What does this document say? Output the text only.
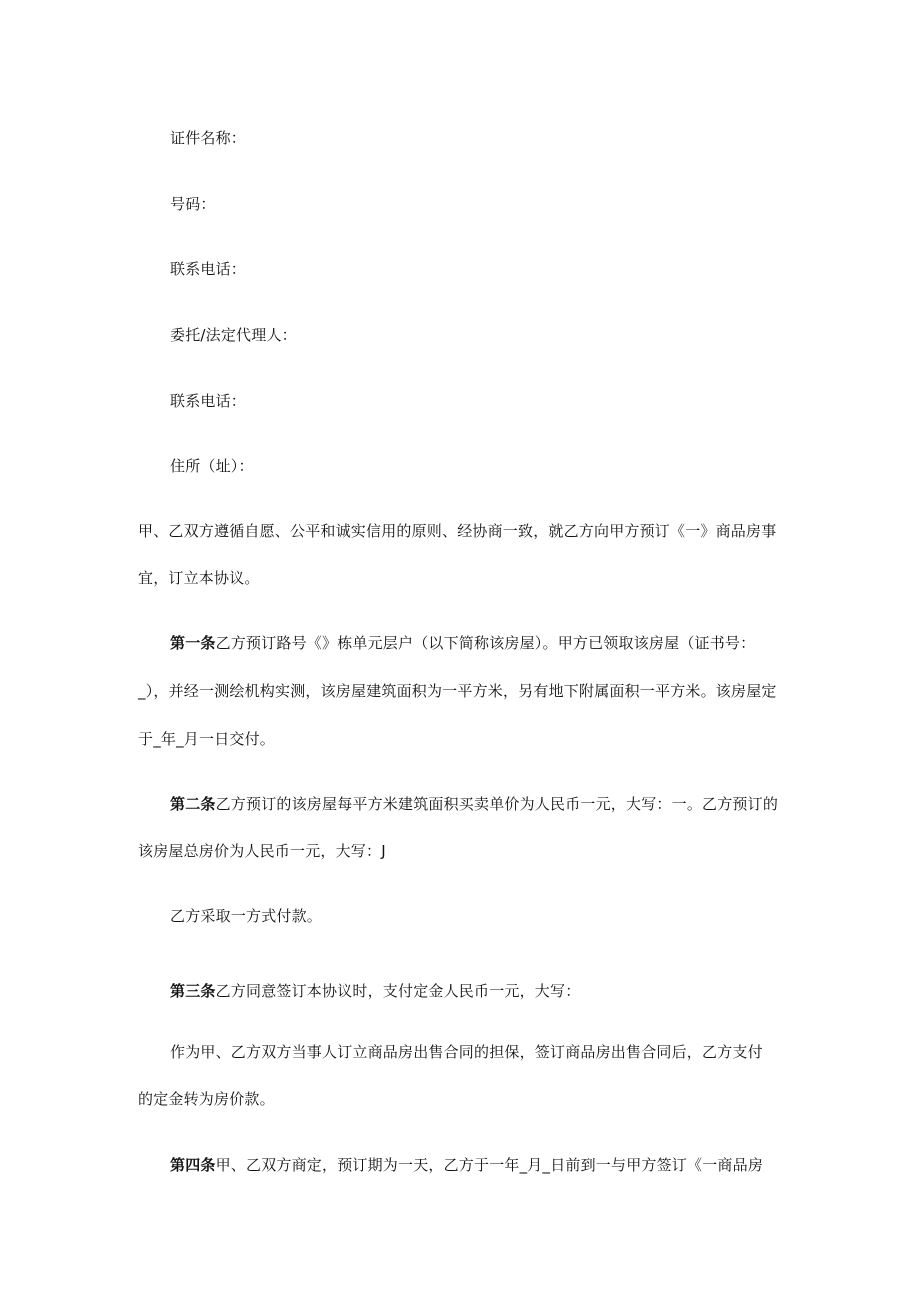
证件名称：
号码：
联系电话：
委托/法定代理人：
联系电话：
住所（址）：
甲、乙双方遵循自愿、公平和诚实信用的原则、经协商一致，就乙方向甲方预订《一》商品房事
宜，订立本协议。
第一条乙方预订路号《》栋单元层户（以下简称该房屋）。甲方已领取该房屋（证书号：
_），并经一测绘机构实测，该房屋建筑面积为一平方米，另有地下附属面积一平方米。该房屋定
于_年_月一日交付。
第二条乙方预订的该房屋每平方米建筑面积买卖单价为人民币一元，大写：一。乙方预订的
该房屋总房价为人民币一元，大写：J
乙方采取一方式付款。
第三条乙方同意签订本协议时，支付定金人民币一元，大写：
作为甲、乙方双方当事人订立商品房出售合同的担保，签订商品房出售合同后，乙方支付
的定金转为房价款。
第四条甲、乙双方商定，预订期为一天，乙方于一年_月_日前到一与甲方签订《一商品房
